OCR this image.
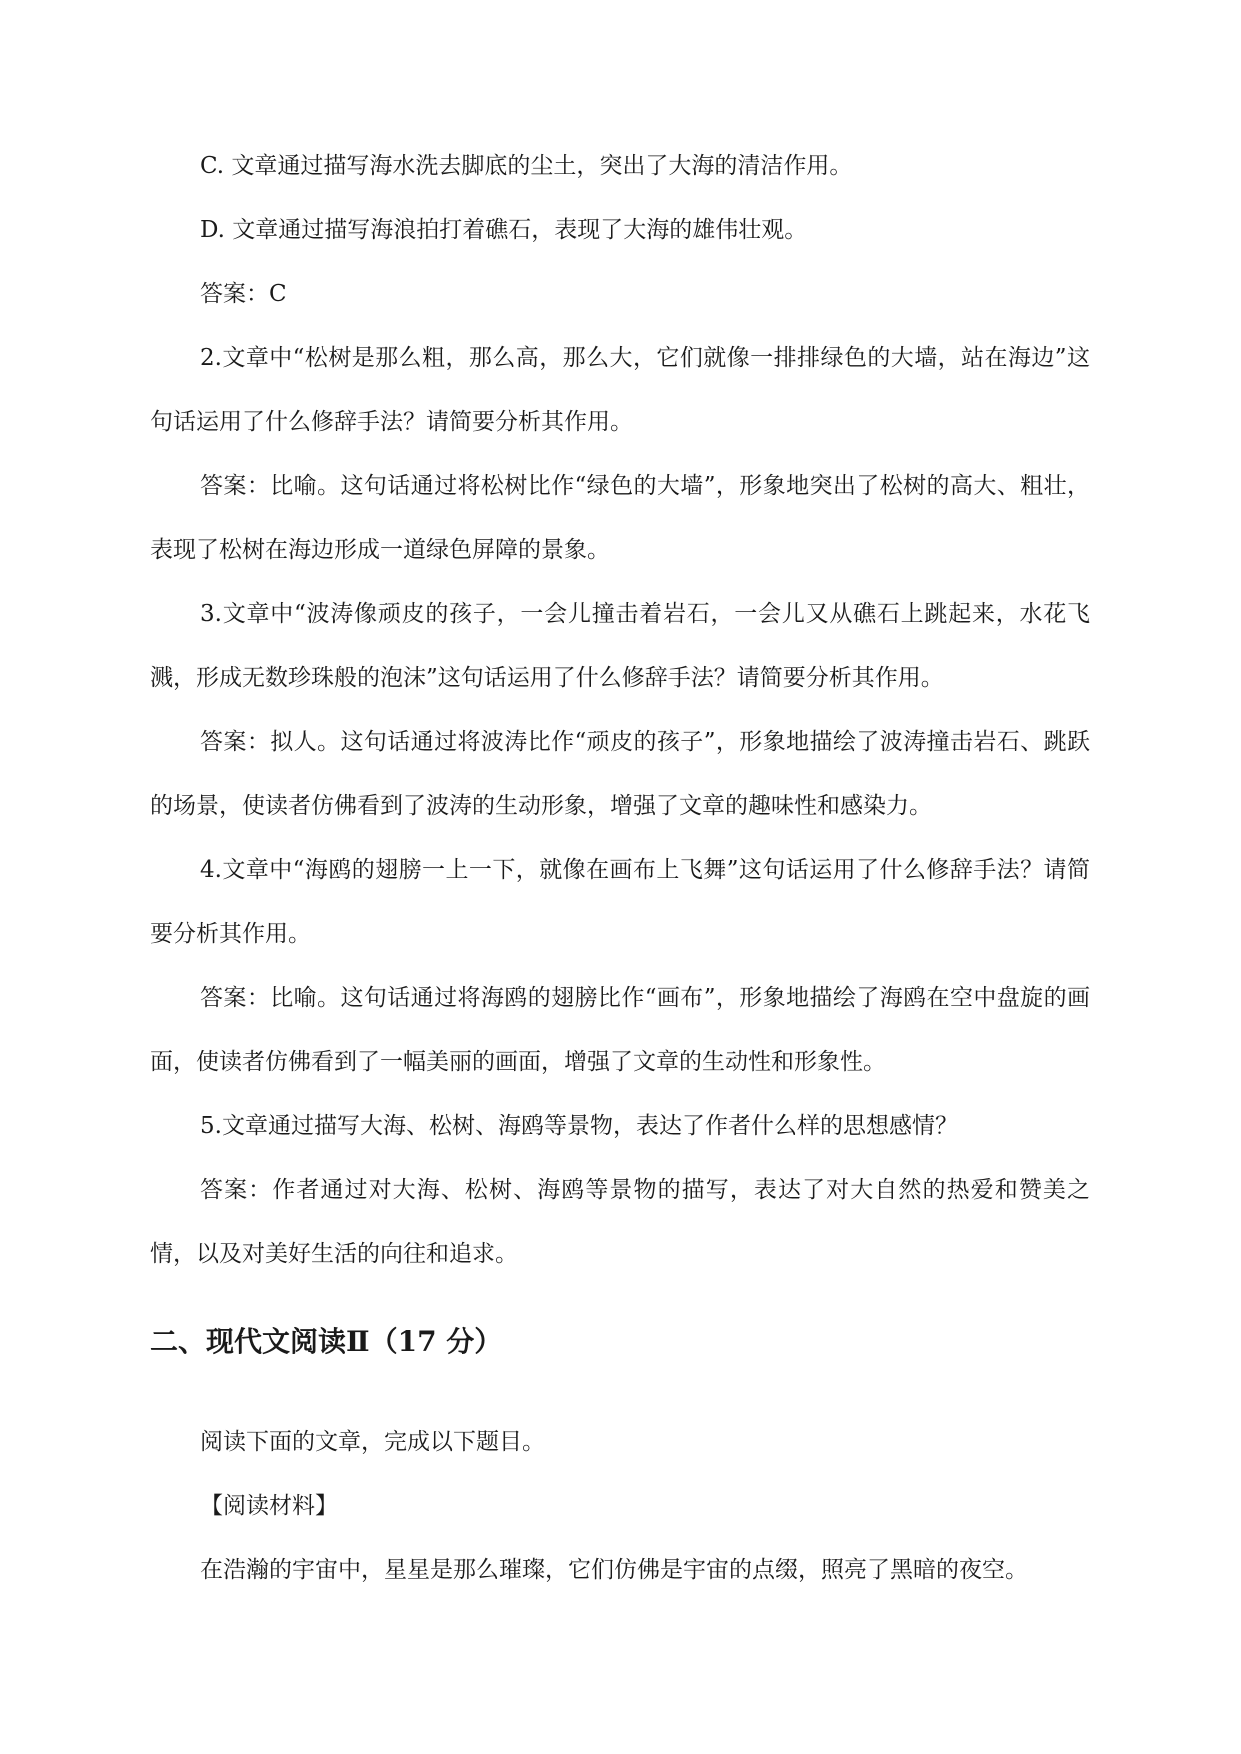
C. 文章通过描写海水洗去脚底的尘土，突出了大海的清洁作用。

D. 文章通过描写海浪拍打着礁石，表现了大海的雄伟壮观。

答案：C

2.文章中“松树是那么粗，那么高，那么大，它们就像一排排绿色的大墙，站在海边”这句话运用了什么修辞手法？请简要分析其作用。

答案：比喻。这句话通过将松树比作“绿色的大墙”，形象地突出了松树的高大、粗壮，表现了松树在海边形成一道绿色屏障的景象。

3.文章中“波涛像顽皮的孩子，一会儿撞击着岩石，一会儿又从礁石上跳起来，水花飞溅，形成无数珍珠般的泡沫”这句话运用了什么修辞手法？请简要分析其作用。

答案：拟人。这句话通过将波涛比作“顽皮的孩子”，形象地描绘了波涛撞击岩石、跳跃的场景，使读者仿佛看到了波涛的生动形象，增强了文章的趣味性和感染力。

4.文章中“海鸥的翅膀一上一下，就像在画布上飞舞”这句话运用了什么修辞手法？请简要分析其作用。

答案：比喻。这句话通过将海鸥的翅膀比作“画布”，形象地描绘了海鸥在空中盘旋的画面，使读者仿佛看到了一幅美丽的画面，增强了文章的生动性和形象性。

5.文章通过描写大海、松树、海鸥等景物，表达了作者什么样的思想感情？

答案：作者通过对大海、松树、海鸥等景物的描写，表达了对大自然的热爱和赞美之情，以及对美好生活的向往和追求。

二、现代文阅读Ⅱ（17 分）

阅读下面的文章，完成以下题目。

【阅读材料】

在浩瀚的宇宙中，星星是那么璀璨，它们仿佛是宇宙的点缀，照亮了黑暗的夜空。
